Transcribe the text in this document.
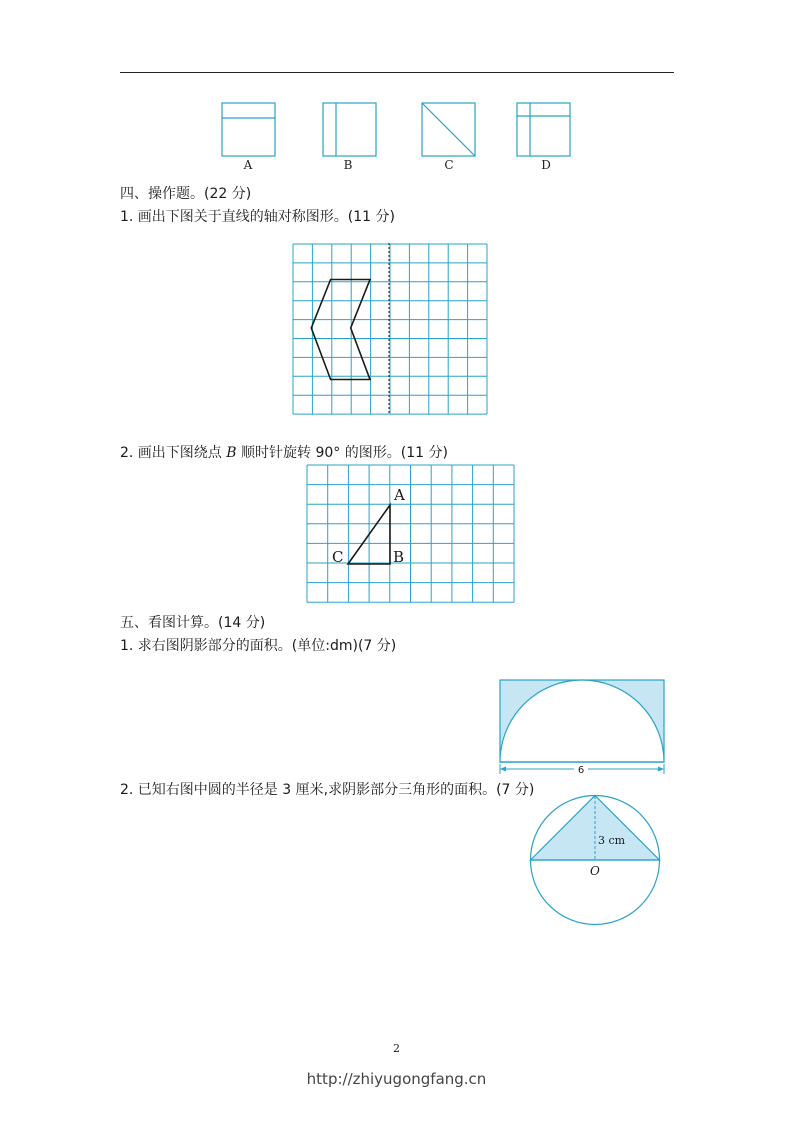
A	B	C	D
四、操作题。(22 分)
1. 画出下图关于直线的轴对称图形。(11 分)
2. 画出下图绕点 B 顺时针旋转 90° 的图形。(11 分)
A
B
C
五、看图计算。(14 分)
1. 求右图阴影部分的面积。(单位:dm)(7 分)
6
2. 已知右图中圆的半径是 3 厘米,求阴影部分三角形的面积。(7 分)
3 cm
O
2
http://zhiyugongfang.cn
